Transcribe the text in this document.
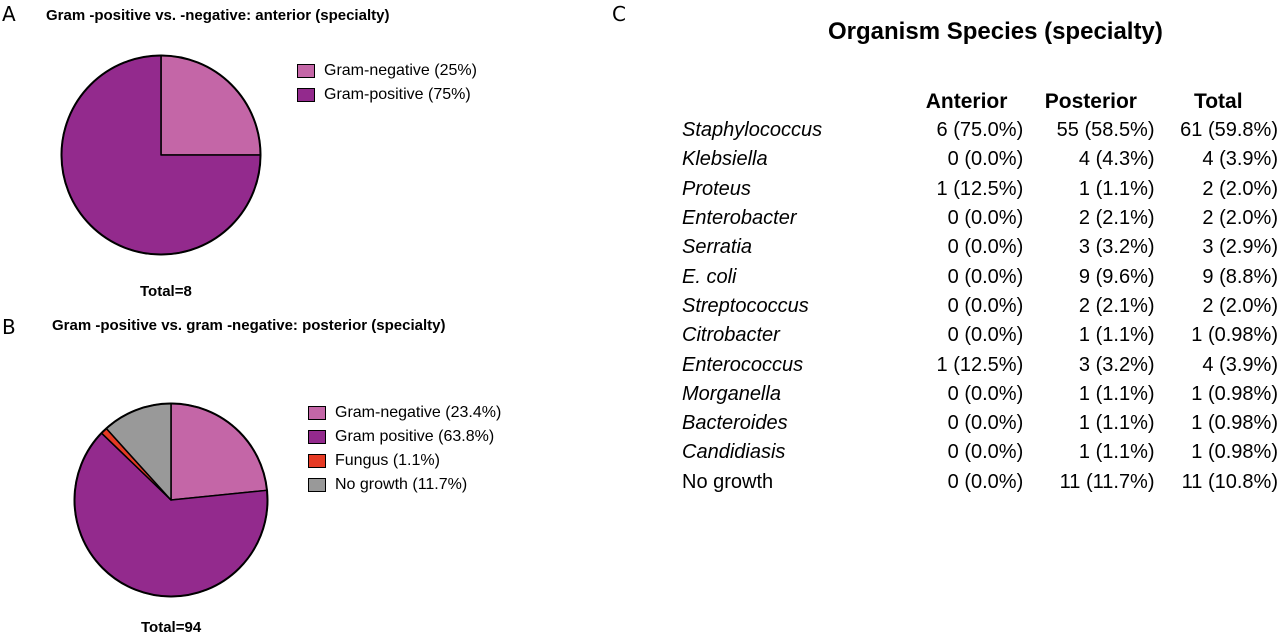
A Gram -positive vs. -negative: anterior (specialty)
Gram-negative (25%)
Gram-positive (75%)
Total=8
B Gram -positive vs. gram -negative: posterior (specialty)
Gram-negative (23.4%)
Gram positive (63.8%)
Fungus (1.1%)
No growth (11.7%)
Total=94
C
Organism Species (specialty)
	Anterior	Posterior	Total
Staphylococcus	6 (75.0%)	55 (58.5%)	61 (59.8%)
Klebsiella	0 (0.0%)	4 (4.3%)	4 (3.9%)
Proteus	1 (12.5%)	1 (1.1%)	2 (2.0%)
Enterobacter	0 (0.0%)	2 (2.1%)	2 (2.0%)
Serratia	0 (0.0%)	3 (3.2%)	3 (2.9%)
E. coli	0 (0.0%)	9 (9.6%)	9 (8.8%)
Streptococcus	0 (0.0%)	2 (2.1%)	2 (2.0%)
Citrobacter	0 (0.0%)	1 (1.1%)	1 (0.98%)
Enterococcus	1 (12.5%)	3 (3.2%)	4 (3.9%)
Morganella	0 (0.0%)	1 (1.1%)	1 (0.98%)
Bacteroides	0 (0.0%)	1 (1.1%)	1 (0.98%)
Candidiasis	0 (0.0%)	1 (1.1%)	1 (0.98%)
No growth	0 (0.0%)	11 (11.7%)	11 (10.8%)
